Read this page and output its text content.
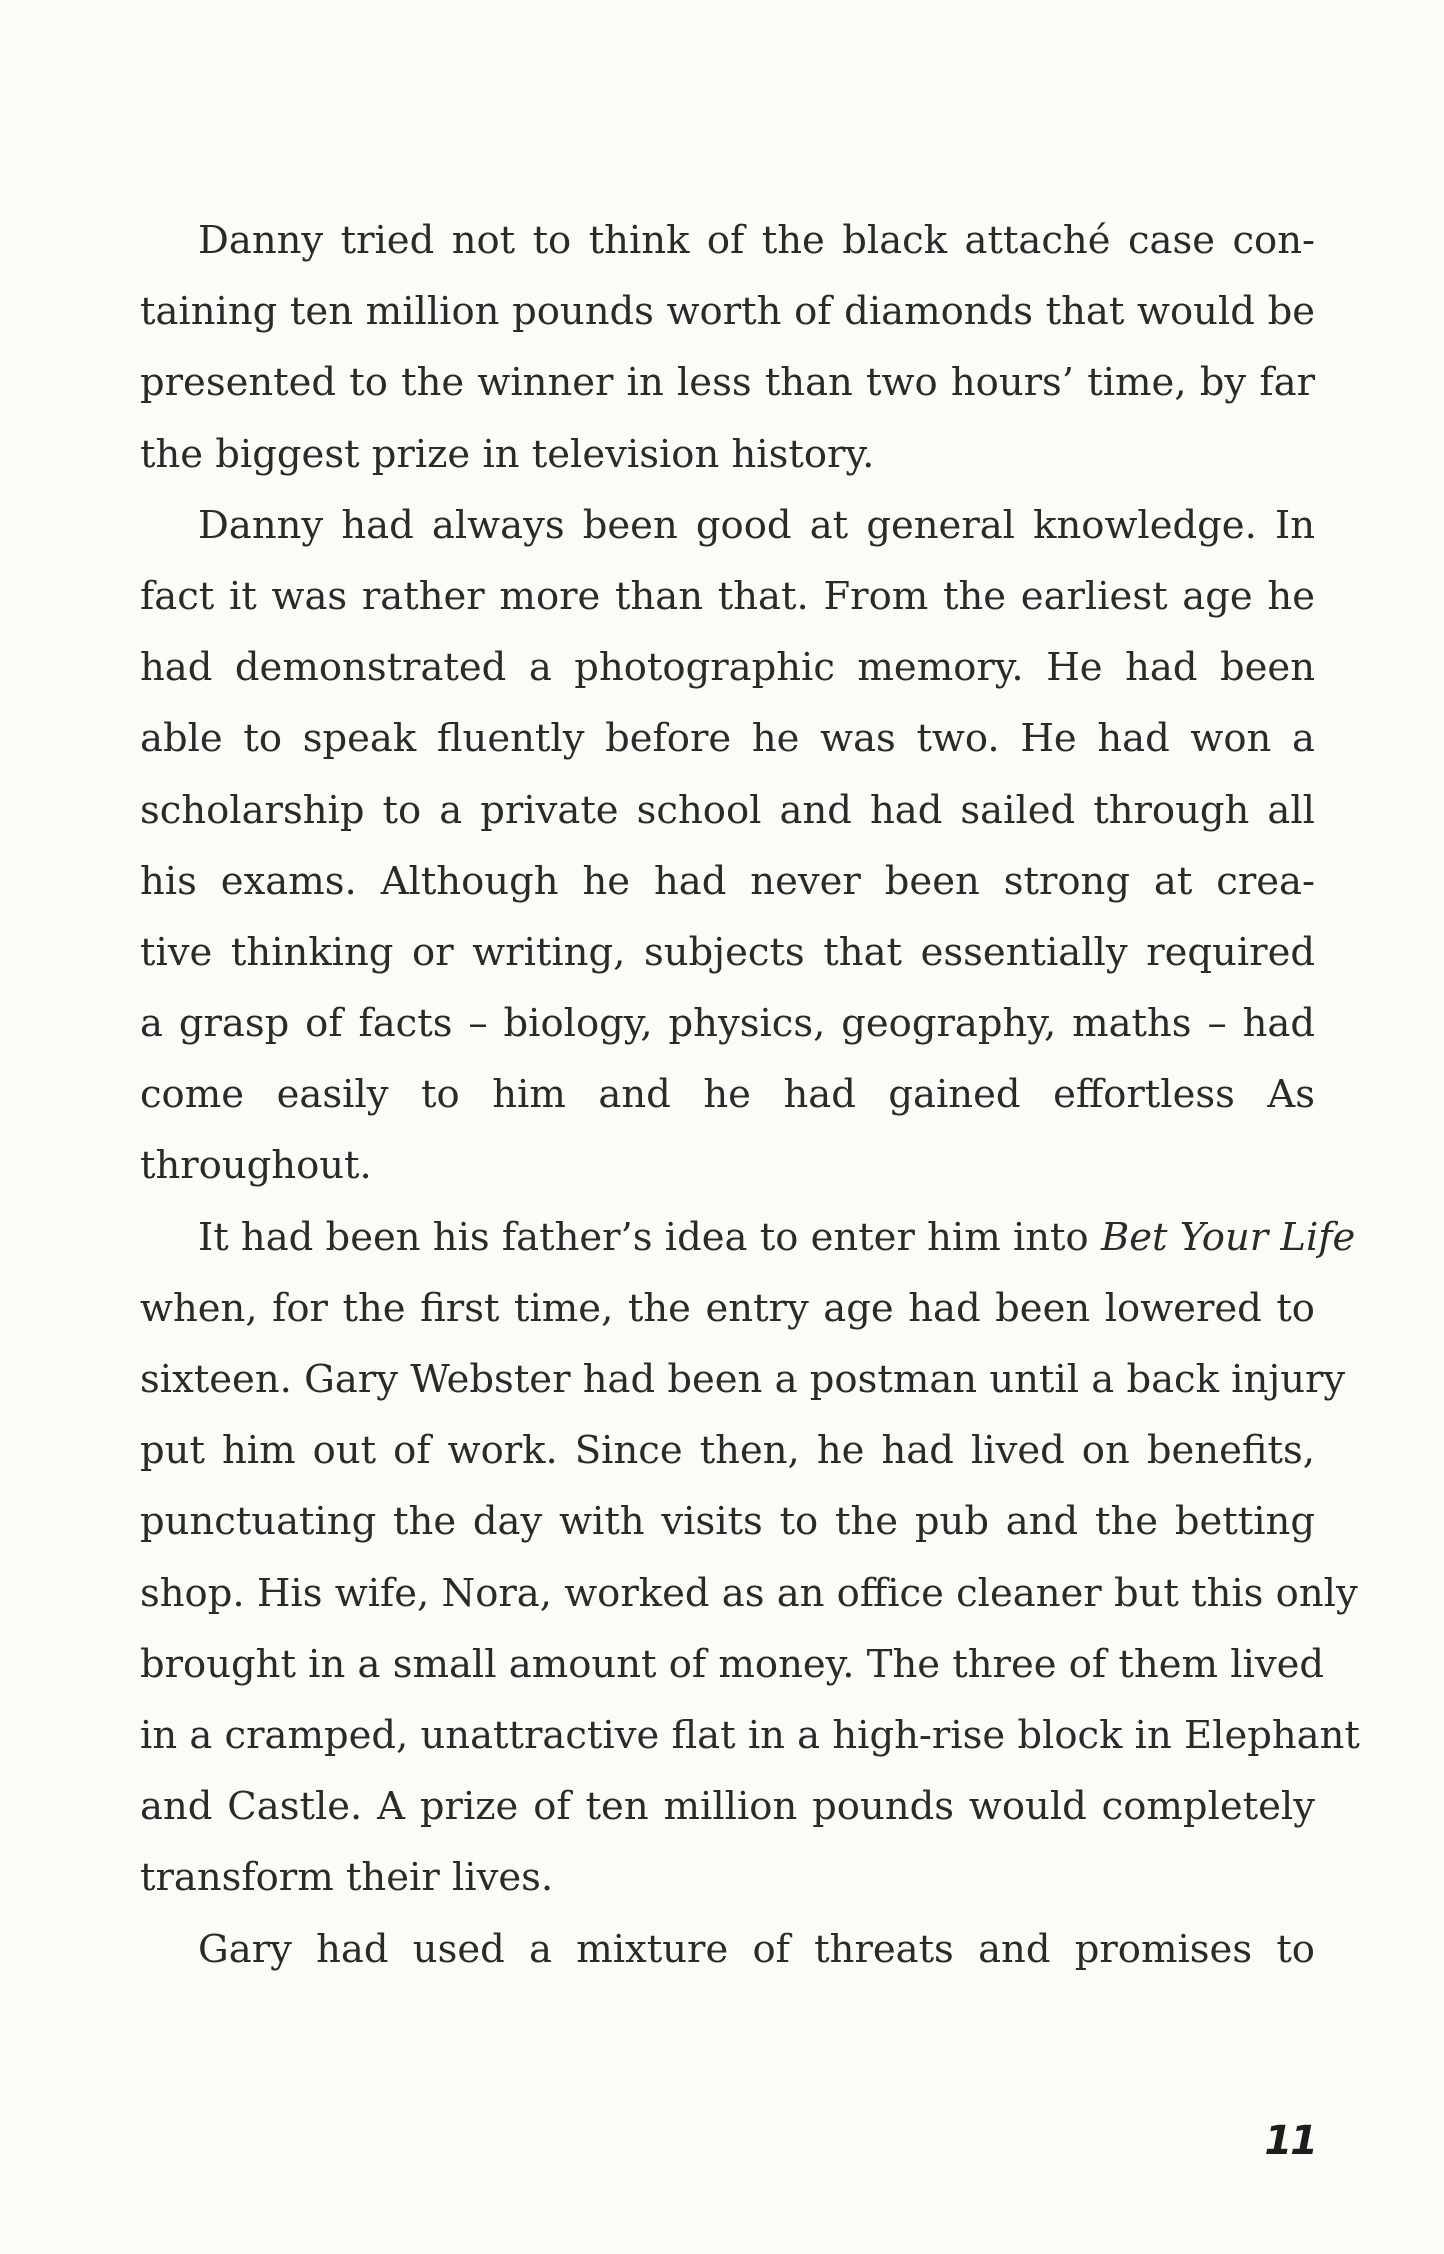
Danny tried not to think of the black attaché case con-
taining ten million pounds worth of diamonds that would be
presented to the winner in less than two hours’ time, by far
the biggest prize in television history.
Danny had always been good at general knowledge. In
fact it was rather more than that. From the earliest age he
had demonstrated a photographic memory. He had been
able to speak fluently before he was two. He had won a
scholarship to a private school and had sailed through all
his exams. Although he had never been strong at crea-
tive thinking or writing, subjects that essentially required
a grasp of facts – biology, physics, geography, maths – had
come easily to him and he had gained effortless As
throughout.
It had been his father’s idea to enter him into Bet Your Life
when, for the first time, the entry age had been lowered to
sixteen. Gary Webster had been a postman until a back injury
put him out of work. Since then, he had lived on benefits,
punctuating the day with visits to the pub and the betting
shop. His wife, Nora, worked as an office cleaner but this only
brought in a small amount of money. The three of them lived
in a cramped, unattractive flat in a high-rise block in Elephant
and Castle. A prize of ten million pounds would completely
transform their lives.
Gary had used a mixture of threats and promises to
11
